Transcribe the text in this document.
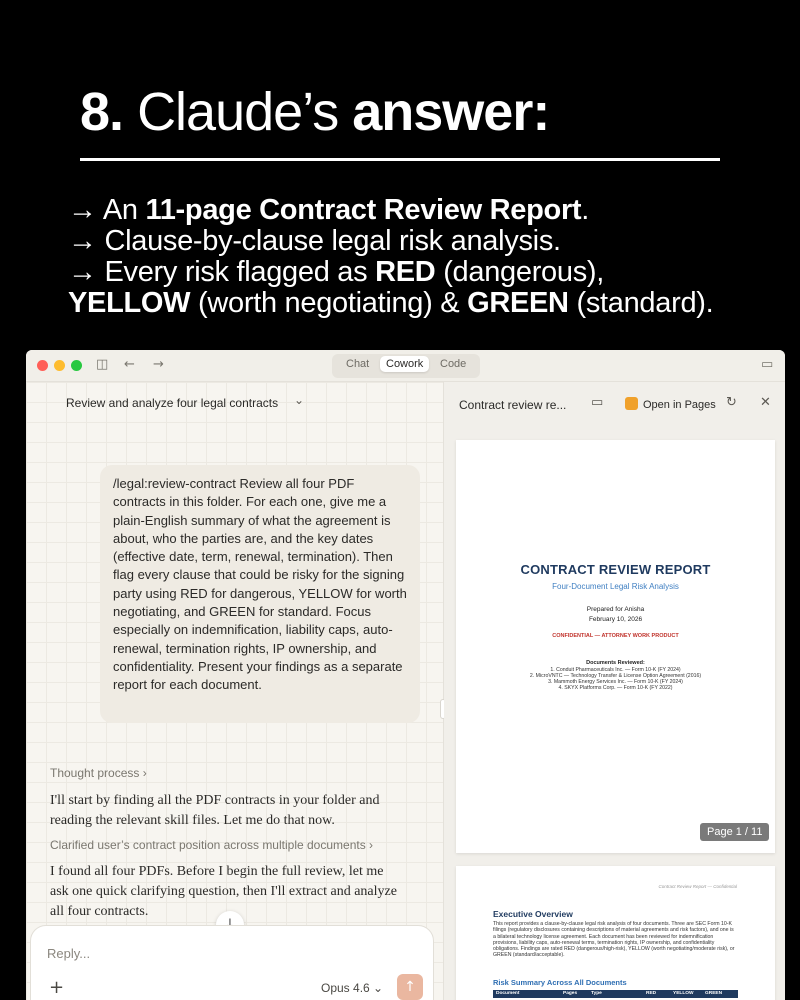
8. Claude’s answer:
→ An 11-page Contract Review Report.
→ Clause-by-clause legal risk analysis.
→ Every risk flagged as RED (dangerous),
YELLOW (worth negotiating) & GREEN (standard).
◫ ← →	Chat	Cowork	Code	▭
Review and analyze four legal contracts ⌄
/legal:review-contract Review all four PDF contracts in this folder. For each one, give me a plain-English summary of what the agreement is about, who the parties are, and the key dates (effective date, term, renewal, termination). Then flag every clause that could be risky for the signing party using RED for dangerous, YELLOW for worth negotiating, and GREEN for standard. Focus especially on indemnification, liability caps, auto-renewal, termination rights, IP ownership, and confidentiality. Present your findings as a separate report for each document.
Thought process ›
I'll start by finding all the PDF contracts in your folder and reading the relevant skill files. Let me do that now.
Clarified user’s contract position across multiple documents ›
I found all four PDFs. Before I begin the full review, let me ask one quick clarifying question, then I'll extract and analyze all four contracts.
Reply...
+	Opus 4.6 ⌄	↑
Contract review re... ▭	Open in Pages ↻ ✕
CONTRACT REVIEW REPORT
Four-Document Legal Risk Analysis
Prepared for Anisha
February 10, 2026
CONFIDENTIAL — ATTORNEY WORK PRODUCT
Documents Reviewed:
1. Conduit Pharmaceuticals Inc. — Form 10-K (FY 2024)
2. MicroVNTC — Technology Transfer & License Option Agreement (2016)
3. Mammoth Energy Services Inc. — Form 10-K (FY 2024)
4. SKYX Platforms Corp. — Form 10-K (FY 2022)
Page 1 / 11
Contract Review Report — Confidential
Executive Overview
This report provides a clause-by-clause legal risk analysis of four documents. Three are SEC Form 10-K filings (regulatory disclosures containing descriptions of material agreements and risk factors), and one is a bilateral technology license agreement. Each document has been reviewed for indemnification provisions, liability caps, auto-renewal terms, termination rights, IP ownership, and confidentiality obligations. Findings are rated RED (dangerous/high-risk), YELLOW (worth negotiating/moderate risk), or GREEN (standard/acceptable).
Risk Summary Across All Documents
Document	Pages	Type	RED	YELLOW GREEN
